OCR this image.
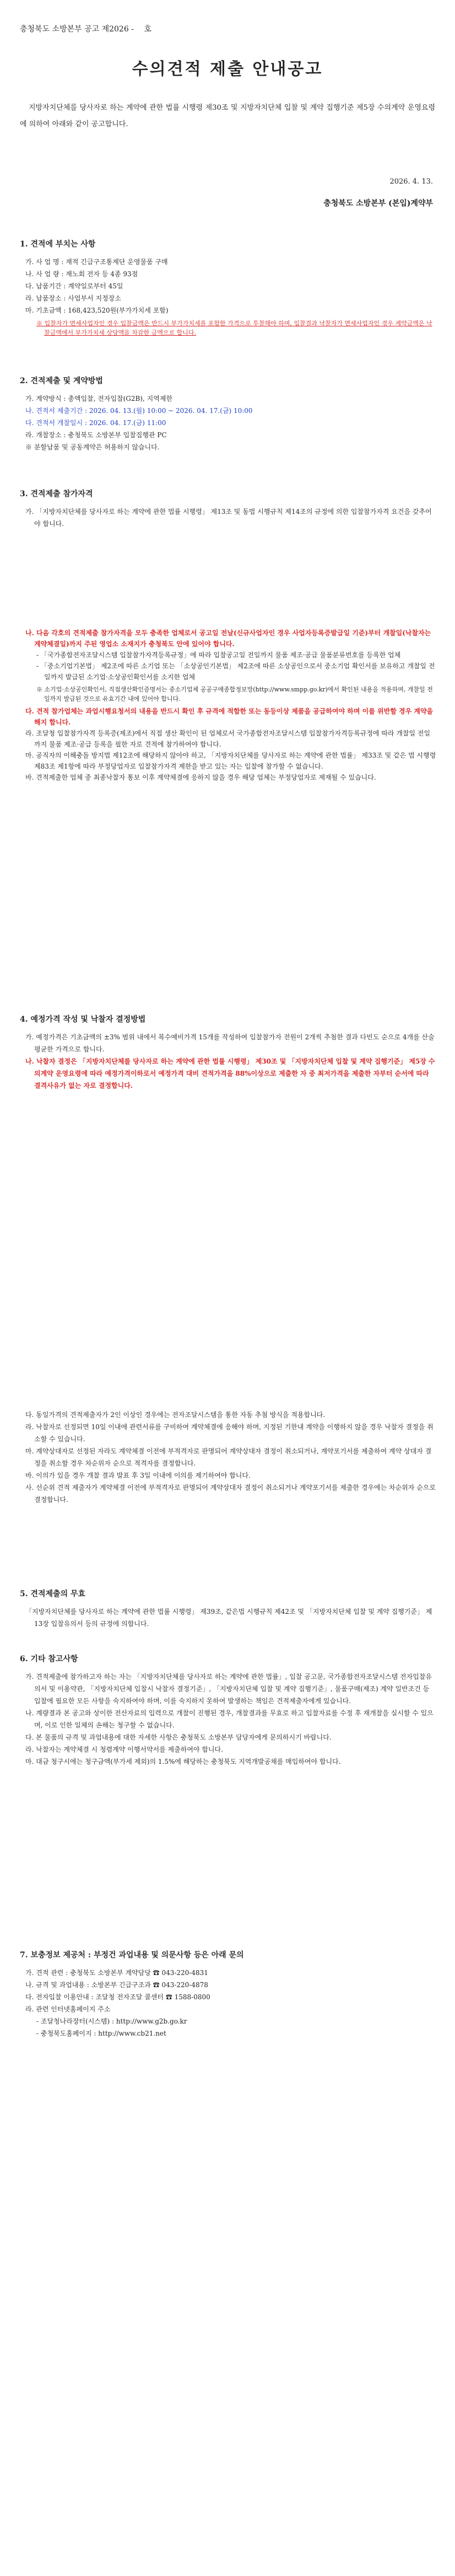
충청북도 소방본부 공고 제2026 -　 호
수의견적 제출 안내공고

지방자치단체를 당사자로 하는 계약에 관한 법률 시행령 제30조 및 지방자치단체 입찰 및 계약 집행기준 제5장 수의계약 운영요령에 의하여 아래와 같이 공고합니다.

2026. 4. 13.
충청북도 소방본부 (본입)계약부
1. 견적에 부치는 사항

가. 사 업 명 : 재적 긴급구조통제단 운영물품 구매

나. 사 업 량 : 재노회 전자 등 4종 93점

다. 납품기간 : 계약일로부터 45일

라. 납품장소 : 사업부서 지정장소

마. 기초금액 : 168,423,520원(부가가치세 포함)

※ 입찰자가 면세사업자인 경우 입찰금액은 반드시 부가가치세를 포함한 가격으로 투찰해야 하며, 입찰결과 낙찰자가 면세사업자인 경우 계약금액은 낙찰금액에서 부가가치세 상당액을 차감한 금액으로 합니다.

2. 견적제출 및 계약방법

가. 계약방식 : 총액입찰, 전자입찰(G2B), 지역제한

나. 견적서 제출기간 : 2026. 04. 13.(월) 10:00 ~ 2026. 04. 17.(금) 10:00

다. 견적서 개찰일시 : 2026. 04. 17.(금) 11:00

라. 개찰장소 : 충청북도 소방본부 입찰집행관 PC

※ 분할납품 및 공동계약은 허용하지 않습니다.

3. 견적제출 참가자격

가. 「지방자치단체를 당사자로 하는 계약에 관한 법률 시행령」 제13조 및 동법 시행규칙 제14조의 규정에 의한 입찰참가자격 요건을 갖추어야 합니다.

나. 다음 각호의 견적제출 참가자격을 모두 충족한 업체로서 공고일 전날(신규사업자인 경우 사업자등록증발급일 기준)부터 개찰일(낙찰자는 계약체결일)까지 주된 영업소 소재지가 충청북도 안에 있어야 합니다.

- 「국가종합전자조달시스템 입찰참가자격등록규정」에 따라 입찰공고일 전일까지 물품 제조·공급 물품분류번호를 등록한 업체

- 「중소기업기본법」 제2조에 따른 소기업 또는 「소상공인기본법」 제2조에 따른 소상공인으로서 중소기업 확인서를 보유하고 개찰일 전일까지 발급된 소기업·소상공인확인서를 소지한 업체

※ 소기업·소상공인확인서, 직접생산확인증명서는 중소기업체 공공구매종합정보망(http://www.smpp.go.kr)에서 확인된 내용을 적용하며, 개찰일 전일까지 발급된 것으로 유효기간 내에 있어야 합니다.

다. 견적 참가업체는 과업시행요청서의 내용을 반드시 확인 후 규격에 적합한 또는 동등이상 제품을 공급하여야 하며 이를 위반할 경우 계약을 해지 합니다.

라. 조달청 입찰참가자격 등록증(제조)에서 직접 생산 확인이 된 업체로서 국가종합전자조달시스템 입찰참가자격등록규정에 따라 개찰일 전일까지 물품 제조·공급 등록을 필한 자로 견적에 참가하여야 합니다.

마. 공직자의 이해충돌 방지법 제12조에 해당하지 않아야 하고, 「지방자치단체를 당사자로 하는 계약에 관한 법률」 제33조 및 같은 법 시행령 제83조 제1항에 따라 부정당업자로 입찰참가자격 제한을 받고 있는 자는 입찰에 참가할 수 없습니다.

바. 견적제출한 업체 중 최종낙찰자 통보 이후 계약체결에 응하지 않을 경우 해당 업체는 부정당업자로 제재될 수 있습니다.

4. 예정가격 작성 및 낙찰자 결정방법

가. 예정가격은 기초금액의 ±3% 범위 내에서 복수예비가격 15개를 작성하여 입찰참가자 전원이 2개씩 추첨한 결과 다빈도 순으로 4개를 산술평균한 가격으로 합니다.

나. 낙찰자 결정은 「지방자치단체를 당사자로 하는 계약에 관한 법률 시행령」 제30조 및 「지방자치단체 입찰 및 계약 집행기준」 제5장 수의계약 운영요령에 따라 예정가격이하로서 예정가격 대비 견적가격을 88%이상으로 제출한 자 중 최저가격을 제출한 자부터 순서에 따라 결격사유가 없는 자로 결정합니다.

다. 동일가격의 견적제출자가 2인 이상인 경우에는 전자조달시스템을 통한 자동 추첨 방식을 적용합니다.

라. 낙찰자로 선정되면 10일 이내에 관련서류를 구비하여 계약체결에 응해야 하며, 지정된 기한내 계약을 이행하지 않을 경우 낙찰자 결정을 취소할 수 있습니다.

마. 계약상대자로 선정된 자라도 계약체결 이전에 부적격자로 판명되어 계약상대자 결정이 취소되거나, 계약포기서를 제출하여 계약 상대자 결정을 취소할 경우 차순위자 순으로 적격자를 결정합니다.

바. 이의가 있을 경우 개찰 결과 발표 후 3일 이내에 이의를 제기하여야 합니다.

사. 선순위 견적 제출자가 계약체결 이전에 부적격자로 판명되어 계약상대자 결정이 취소되거나 계약포기서를 제출한 경우에는 차순위자 순으로 결정합니다.

5. 견적제출의 무효

「지방자치단체를 당사자로 하는 계약에 관한 법률 시행령」 제39조, 같은법 시행규칙 제42조 및 「지방자치단체 입찰 및 계약 집행기준」 제13장 입찰유의서 등의 규정에 의합니다.

6. 기타 참고사항

가. 견적제출에 참가하고자 하는 자는 「지방자치단체를 당사자로 하는 계약에 관한 법률」, 입찰 공고문, 국가종합전자조달시스템 전자입찰유의서 및 이용약관, 「지방자치단체 입찰시 낙찰자 결정기준」, 「지방자치단체 입찰 및 계약 집행기준」, 물품구매(제조) 계약 일반조건 등 입찰에 필요한 모든 사항을 숙지하여야 하며, 이를 숙지하지 못하여 발생하는 책임은 견적제출자에게 있습니다.

나. 계량결과 본 공고와 상이한 전산자료의 입력으로 개찰이 진행된 경우, 개찰결과를 무효로 하고 입찰자료를 수정 후 재개찰을 실시할 수 있으며, 이로 인한 일체의 손해는 청구할 수 없습니다.

다. 본 물품의 규격 및 과업내용에 대한 자세한 사항은 충청북도 소방본부 담당자에게 문의하시기 바랍니다.

라. 낙찰자는 계약체결 시 청렴계약 이행서약서를 제출하여야 합니다.

마. 대금 청구시에는 청구금액(부가세 제외)의 1.5%에 해당하는 충청북도 지역개발공채를 매입하여야 합니다.

7. 보충정보 제공처 : 부정건 과업내용 및 의문사항 등은 아래 문의

가. 견적 관련 : 충청북도 소방본부 계약담당 ☎ 043-220-4831

나. 규격 및 과업내용 : 소방본부 긴급구조과 ☎ 043-220-4878

다. 전자입찰 이용안내 : 조달청 전자조달 콜센터 ☎ 1588-0800

라. 관련 인터넷홈페이지 주소

- 조달청나라장터(시스템) : http://www.g2b.go.kr

- 충청북도홈페이지 : http://www.cb21.net
